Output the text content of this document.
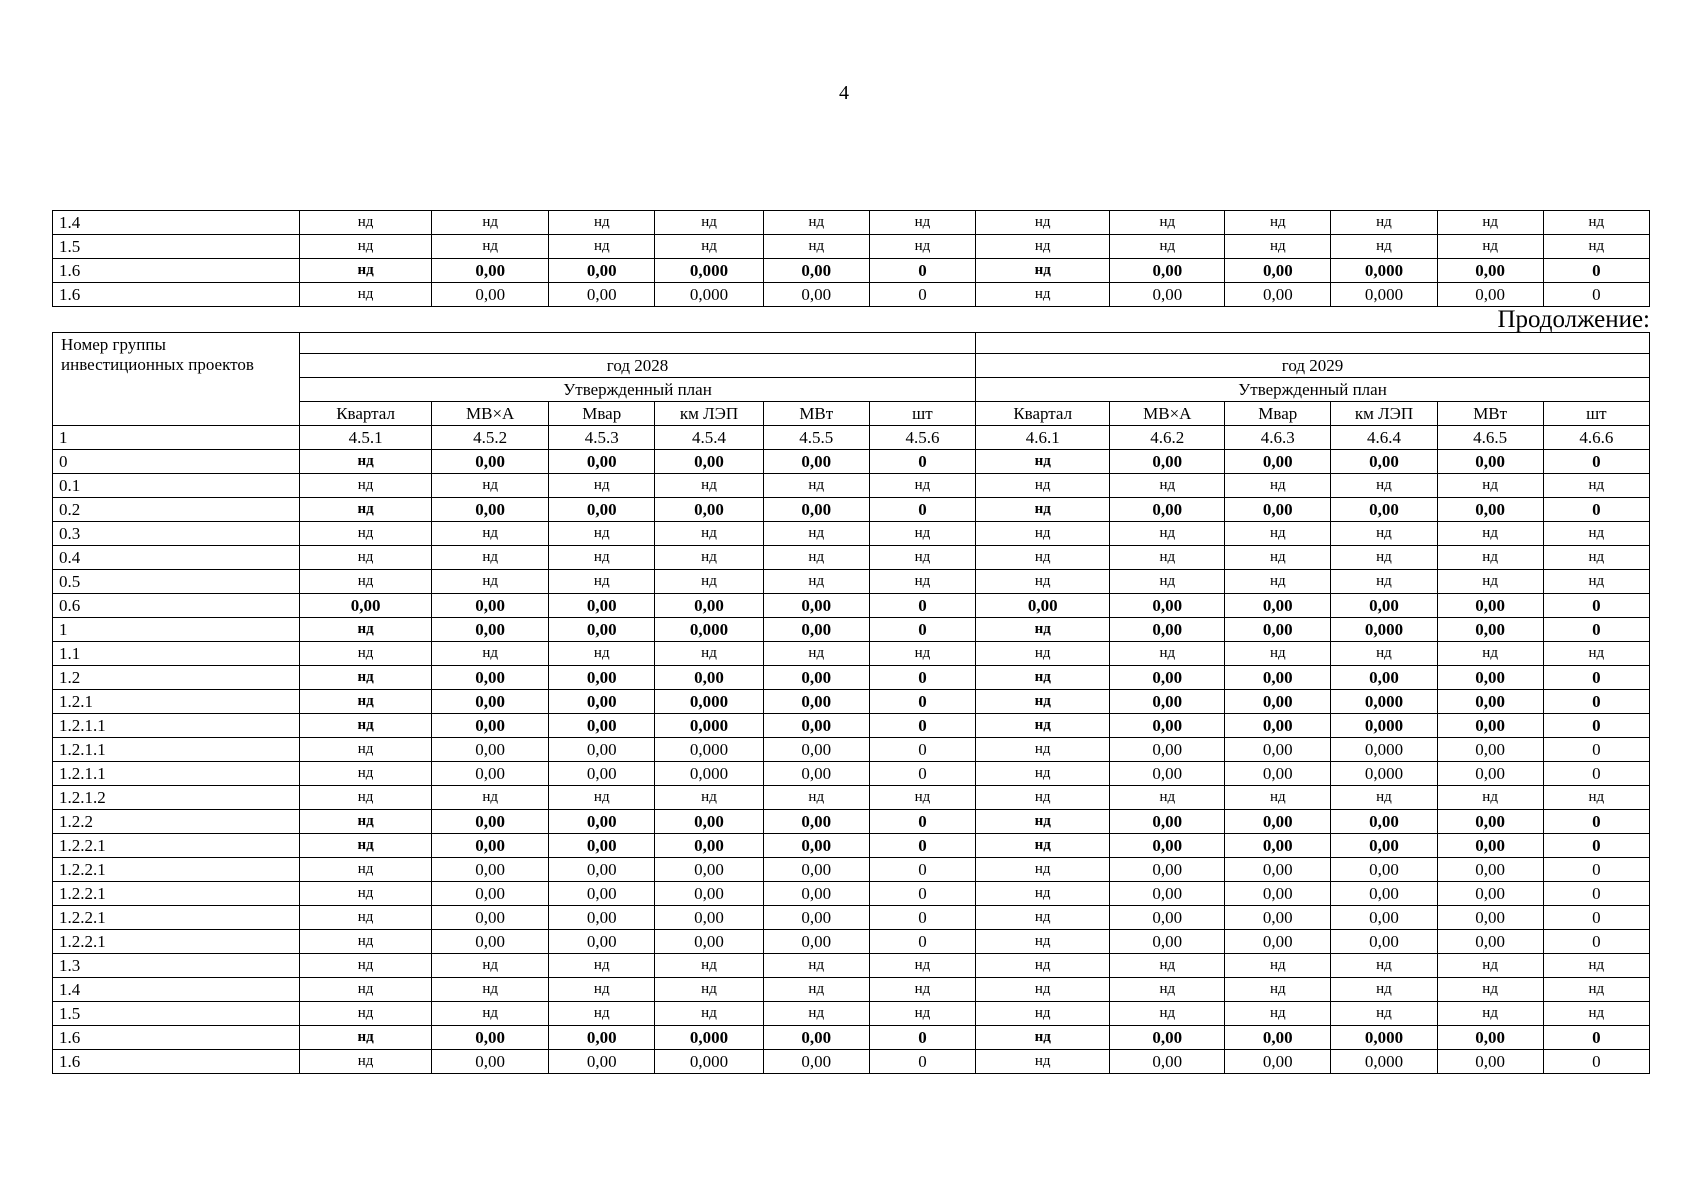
4
1.4	нд	нд	нд	нд	нд	нд	нд	нд	нд	нд	нд	нд
1.5	нд	нд	нд	нд	нд	нд	нд	нд	нд	нд	нд	нд
1.6	нд	0,00	0,00	0,000	0,00	0	нд	0,00	0,00	0,000	0,00	0
1.6	нд	0,00	0,00	0,000	0,00	0	нд	0,00	0,00	0,000	0,00	0
Продолжение:
Номер группы инвестиционных проектов												
	год 2028						год 2029					
	Утвержденный план						Утвержденный план					
	Квартал	МВ×А	Мвар	км ЛЭП	МВт	шт	Квартал	МВ×А	Мвар	км ЛЭП	МВт	шт
1	4.5.1	4.5.2	4.5.3	4.5.4	4.5.5	4.5.6	4.6.1	4.6.2	4.6.3	4.6.4	4.6.5	4.6.6
0	нд	0,00	0,00	0,00	0,00	0	нд	0,00	0,00	0,00	0,00	0
0.1	нд	нд	нд	нд	нд	нд	нд	нд	нд	нд	нд	нд
0.2	нд	0,00	0,00	0,00	0,00	0	нд	0,00	0,00	0,00	0,00	0
0.3	нд	нд	нд	нд	нд	нд	нд	нд	нд	нд	нд	нд
0.4	нд	нд	нд	нд	нд	нд	нд	нд	нд	нд	нд	нд
0.5	нд	нд	нд	нд	нд	нд	нд	нд	нд	нд	нд	нд
0.6	0,00	0,00	0,00	0,00	0,00	0	0,00	0,00	0,00	0,00	0,00	0
1	нд	0,00	0,00	0,000	0,00	0	нд	0,00	0,00	0,000	0,00	0
1.1	нд	нд	нд	нд	нд	нд	нд	нд	нд	нд	нд	нд
1.2	нд	0,00	0,00	0,00	0,00	0	нд	0,00	0,00	0,00	0,00	0
1.2.1	нд	0,00	0,00	0,000	0,00	0	нд	0,00	0,00	0,000	0,00	0
1.2.1.1	нд	0,00	0,00	0,000	0,00	0	нд	0,00	0,00	0,000	0,00	0
1.2.1.1	нд	0,00	0,00	0,000	0,00	0	нд	0,00	0,00	0,000	0,00	0
1.2.1.1	нд	0,00	0,00	0,000	0,00	0	нд	0,00	0,00	0,000	0,00	0
1.2.1.2	нд	нд	нд	нд	нд	нд	нд	нд	нд	нд	нд	нд
1.2.2	нд	0,00	0,00	0,00	0,00	0	нд	0,00	0,00	0,00	0,00	0
1.2.2.1	нд	0,00	0,00	0,00	0,00	0	нд	0,00	0,00	0,00	0,00	0
1.2.2.1	нд	0,00	0,00	0,00	0,00	0	нд	0,00	0,00	0,00	0,00	0
1.2.2.1	нд	0,00	0,00	0,00	0,00	0	нд	0,00	0,00	0,00	0,00	0
1.2.2.1	нд	0,00	0,00	0,00	0,00	0	нд	0,00	0,00	0,00	0,00	0
1.2.2.1	нд	0,00	0,00	0,00	0,00	0	нд	0,00	0,00	0,00	0,00	0
1.3	нд	нд	нд	нд	нд	нд	нд	нд	нд	нд	нд	нд
1.4	нд	нд	нд	нд	нд	нд	нд	нд	нд	нд	нд	нд
1.5	нд	нд	нд	нд	нд	нд	нд	нд	нд	нд	нд	нд
1.6	нд	0,00	0,00	0,000	0,00	0	нд	0,00	0,00	0,000	0,00	0
1.6	нд	0,00	0,00	0,000	0,00	0	нд	0,00	0,00	0,000	0,00	0
